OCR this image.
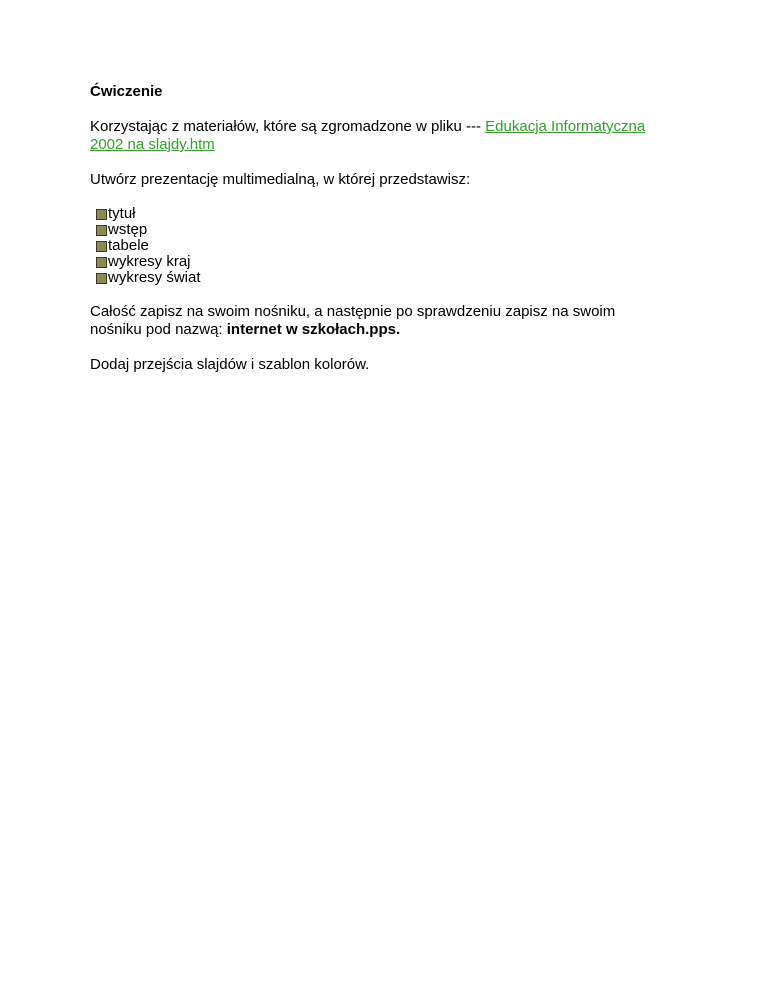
Ćwiczenie
Korzystając z materiałów, które są zgromadzone w pliku --- Edukacja Informatyczna
2002 na slajdy.htm
Utwórz prezentację multimedialną, w której przedstawisz:
tytuł
wstęp
tabele
wykresy kraj
wykresy świat
Całość zapisz na swoim nośniku, a następnie po sprawdzeniu zapisz na swoim
nośniku pod nazwą: internet w szkołach.pps.
Dodaj przejścia slajdów i szablon kolorów.
